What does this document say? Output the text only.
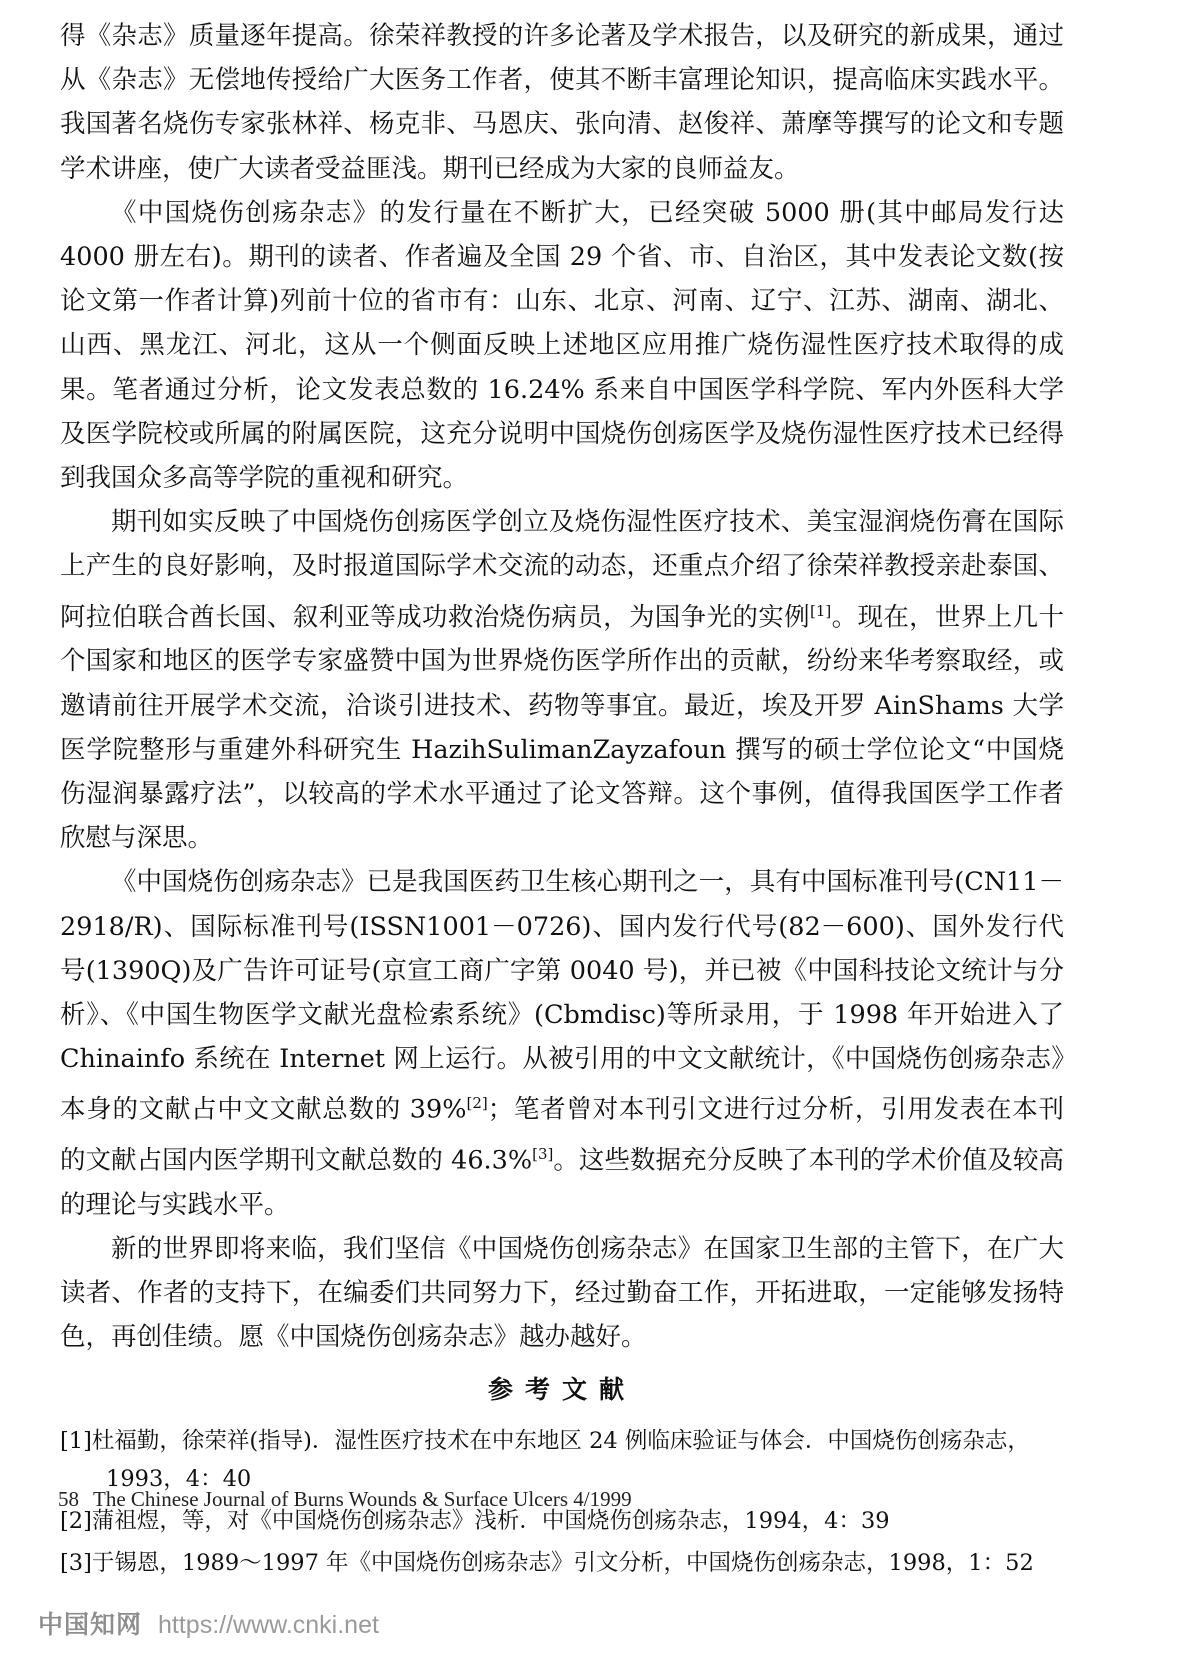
得《杂志》质量逐年提高。徐荣祥教授的许多论著及学术报告，以及研究的新成果，通过从《杂志》无偿地传授给广大医务工作者，使其不断丰富理论知识，提高临床实践水平。我国著名烧伤专家张林祥、杨克非、马恩庆、张向清、赵俊祥、萧摩等撰写的论文和专题学术讲座，使广大读者受益匪浅。期刊已经成为大家的良师益友。

《中国烧伤创疡杂志》的发行量在不断扩大，已经突破 5000 册(其中邮局发行达 4000 册左右)。期刊的读者、作者遍及全国 29 个省、市、自治区，其中发表论文数(按论文第一作者计算)列前十位的省市有：山东、北京、河南、辽宁、江苏、湖南、湖北、山西、黑龙江、河北，这从一个侧面反映上述地区应用推广烧伤湿性医疗技术取得的成果。笔者通过分析，论文发表总数的 16.24% 系来自中国医学科学院、军内外医科大学及医学院校或所属的附属医院，这充分说明中国烧伤创疡医学及烧伤湿性医疗技术已经得到我国众多高等学院的重视和研究。

期刊如实反映了中国烧伤创疡医学创立及烧伤湿性医疗技术、美宝湿润烧伤膏在国际上产生的良好影响，及时报道国际学术交流的动态，还重点介绍了徐荣祥教授亲赴泰国、阿拉伯联合酋长国、叙利亚等成功救治烧伤病员，为国争光的实例[1]。现在，世界上几十个国家和地区的医学专家盛赞中国为世界烧伤医学所作出的贡献，纷纷来华考察取经，或邀请前往开展学术交流，洽谈引进技术、药物等事宜。最近，埃及开罗 AinShams 大学医学院整形与重建外科研究生 HazihSulimanZayzafoun 撰写的硕士学位论文“中国烧伤湿润暴露疗法”，以较高的学术水平通过了论文答辩。这个事例，值得我国医学工作者欣慰与深思。

《中国烧伤创疡杂志》已是我国医药卫生核心期刊之一，具有中国标准刊号(CN11－2918/R)、国际标准刊号(ISSN1001－0726)、国内发行代号(82－600)、国外发行代号(1390Q)及广告许可证号(京宣工商广字第 0040 号)，并已被《中国科技论文统计与分析》、《中国生物医学文献光盘检索系统》(Cbmdisc)等所录用，于 1998 年开始进入了 Chinainfo 系统在 Internet 网上运行。从被引用的中文文献统计，《中国烧伤创疡杂志》本身的文献占中文文献总数的 39%[2]；笔者曾对本刊引文进行过分析，引用发表在本刊的文献占国内医学期刊文献总数的 46.3%[3]。这些数据充分反映了本刊的学术价值及较高的理论与实践水平。

新的世界即将来临，我们坚信《中国烧伤创疡杂志》在国家卫生部的主管下，在广大读者、作者的支持下，在编委们共同努力下，经过勤奋工作，开拓进取，一定能够发扬特色，再创佳绩。愿《中国烧伤创疡杂志》越办越好。

参考文献

[1]杜福勤，徐荣祥(指导)．湿性医疗技术在中东地区 24 例临床验证与体会．中国烧伤创疡杂志，1993，4：40

[2]蒲祖煜，等，对《中国烧伤创疡杂志》浅析．中国烧伤创疡杂志，1994，4：39

[3]于锡恩，1989～1997 年《中国烧伤创疡杂志》引文分析，中国烧伤创疡杂志，1998，1：52

58 The Chinese Journal of Burns Wounds & Surface Ulcers 4/1999
中国知网 https://www.cnki.net
